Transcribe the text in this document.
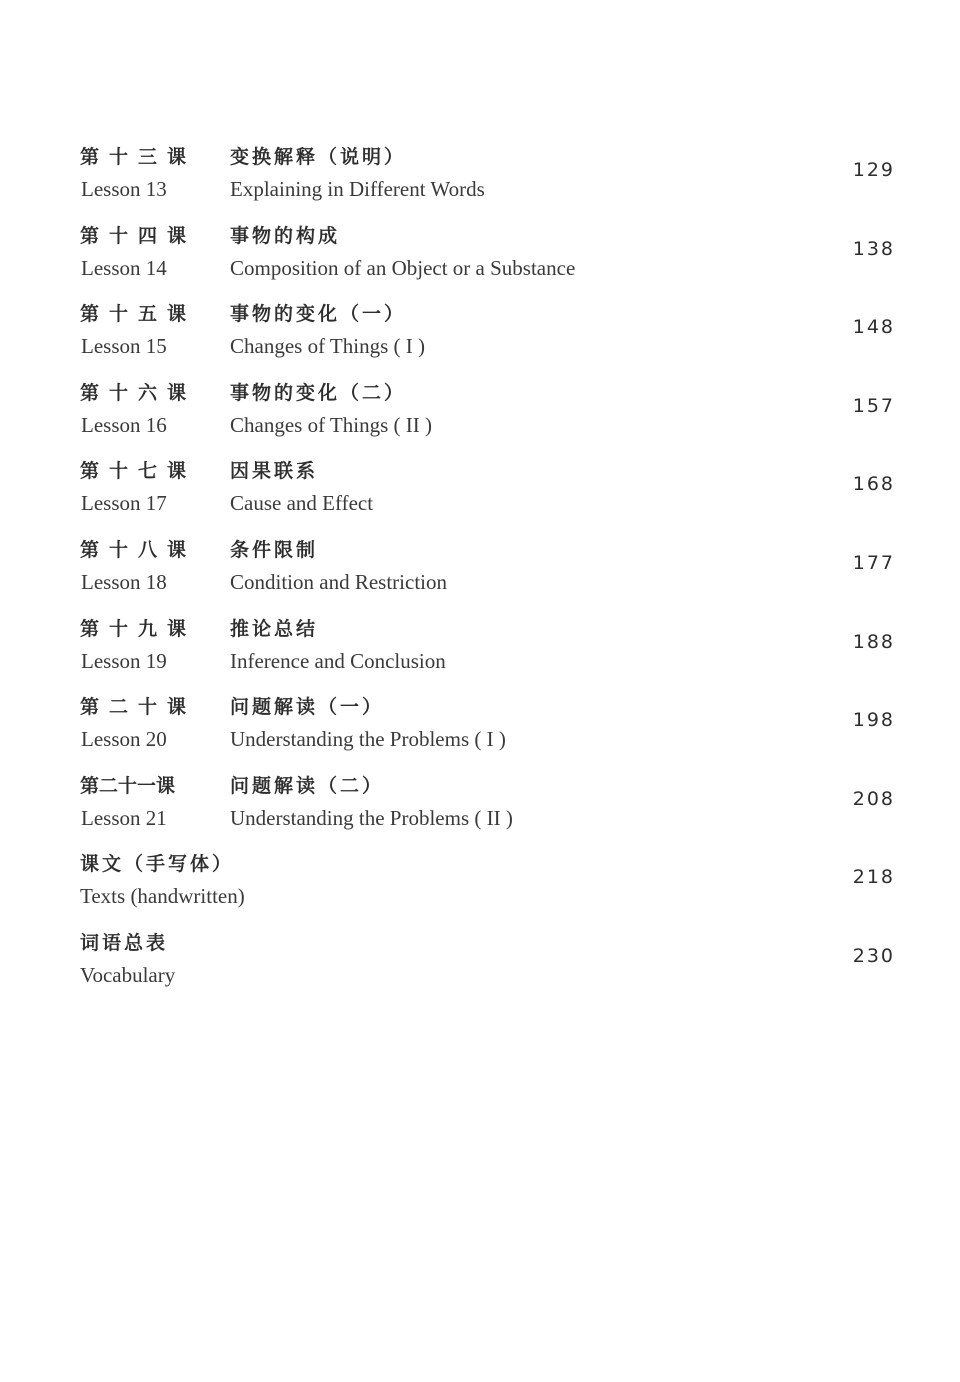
第十三课
Lesson 13
变换解释（说明）
Explaining in Different Words
129
第十四课
Lesson 14
事物的构成
Composition of an Object or a Substance
138
第十五课
Lesson 15
事物的变化（一）
Changes of Things ( I )
148
第十六课
Lesson 16
事物的变化（二）
Changes of Things ( II )
157
第十七课
Lesson 17
因果联系
Cause and Effect
168
第十八课
Lesson 18
条件限制
Condition and Restriction
177
第十九课
Lesson 19
推论总结
Inference and Conclusion
188
第二十课
Lesson 20
问题解读（一）
Understanding the Problems ( I )
198
第二十一课
Lesson 21
问题解读（二）
Understanding the Problems ( II )
208
课文（手写体）
Texts (handwritten)
218
词语总表
Vocabulary
230
